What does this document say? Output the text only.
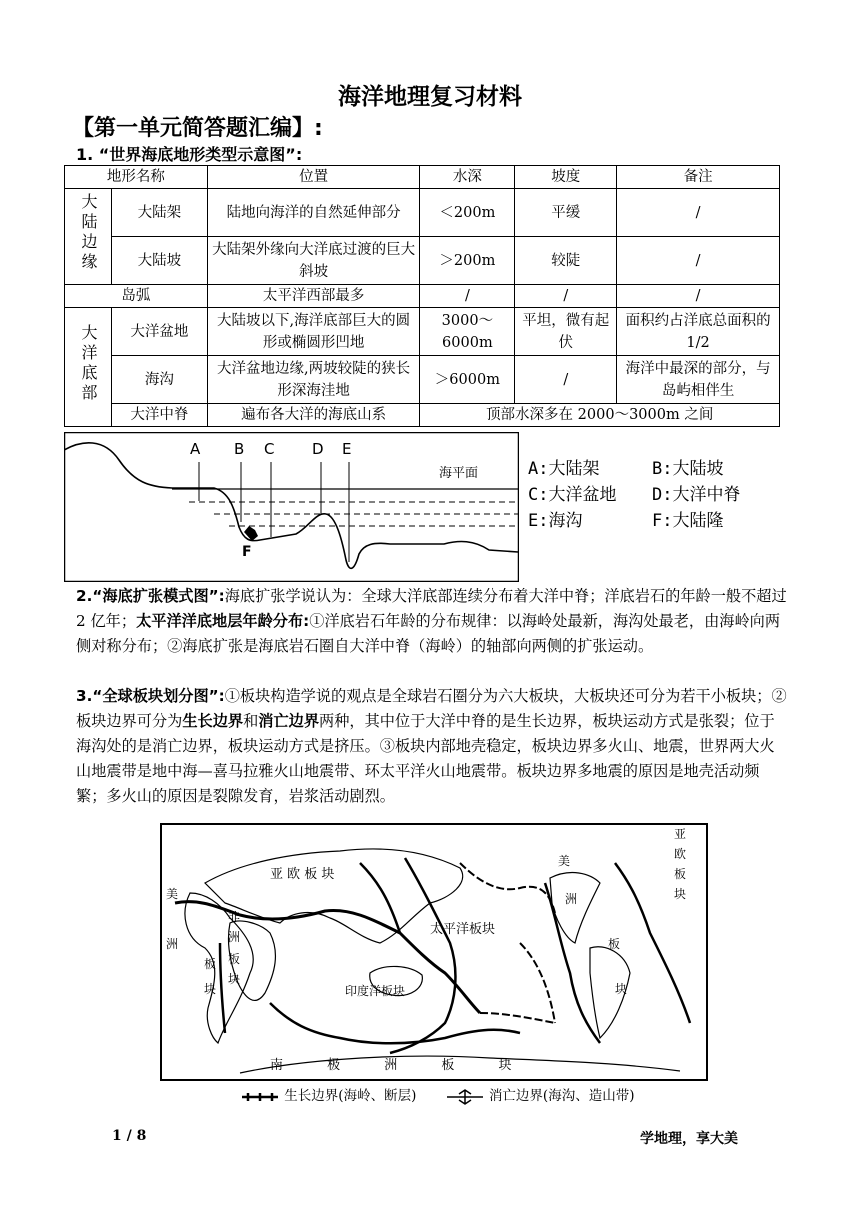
海洋地理复习材料
【第一单元简答题汇编】:
1. “世界海底地形类型示意图”:
地形名称		位置	水深	坡度	备注
大陆边缘	大陆架	陆地向海洋的自然延伸部分	＜200m	平缓	/
	大陆坡	大陆架外缘向大洋底过渡的巨大斜坡	＞200m	较陡	/
岛弧		太平洋西部最多	/	/	/
大洋底部	大洋盆地	大陆坡以下,海洋底部巨大的圆形或椭圆形凹地	3000～6000m	平坦，微有起伏	面积约占洋底总面积的 1/2
	海沟	大洋盆地边缘,两坡较陡的狭长形深海洼地	＞6000m	/	海洋中最深的部分，与岛屿相伴生
	大洋中脊	遍布各大洋的海底山系	顶部水深多在 2000～3000m 之间		
A B C	D E
F
海平面	A:大陆架	B:大陆坡
C:大洋盆地 D:大洋中脊
E:海沟	F:大陆隆
2.“海底扩张模式图”:海底扩张学说认为：全球大洋底部连续分布着大洋中脊；洋底岩石的年龄一般不超过 2 亿年；太平洋洋底地层年龄分布:①洋底岩石年龄的分布规律：以海岭处最新，海沟处最老，由海岭向两侧对称分布；②海底扩张是海底岩石圈自大洋中脊（海岭）的轴部向两侧的扩张运动。
3.“全球板块划分图”:①板块构造学说的观点是全球岩石圈分为六大板块，大板块还可分为若干小板块；②板块边界可分为生长边界和消亡边界两种，其中位于大洋中脊的是生长边界，板块运动方式是张裂；位于海沟处的是消亡边界，板块运动方式是挤压。③板块内部地壳稳定，板块边界多火山、地震，世界两大火山地震带是地中海—喜马拉雅火山地震带、环太平洋火山地震带。板块边界多地震的原因是地壳活动频繁；多火山的原因是裂隙发育，岩浆活动剧烈。
亚 欧 板 块
太平洋板块
印度洋板块
南 极 洲 板 块
美
洲
板
块
亚
欧
板
块
非
洲
板
块
美
洲
板
块
生长边界(海岭、断层)	消亡边界(海沟、造山带)
1 / 8	学地理，享大美
